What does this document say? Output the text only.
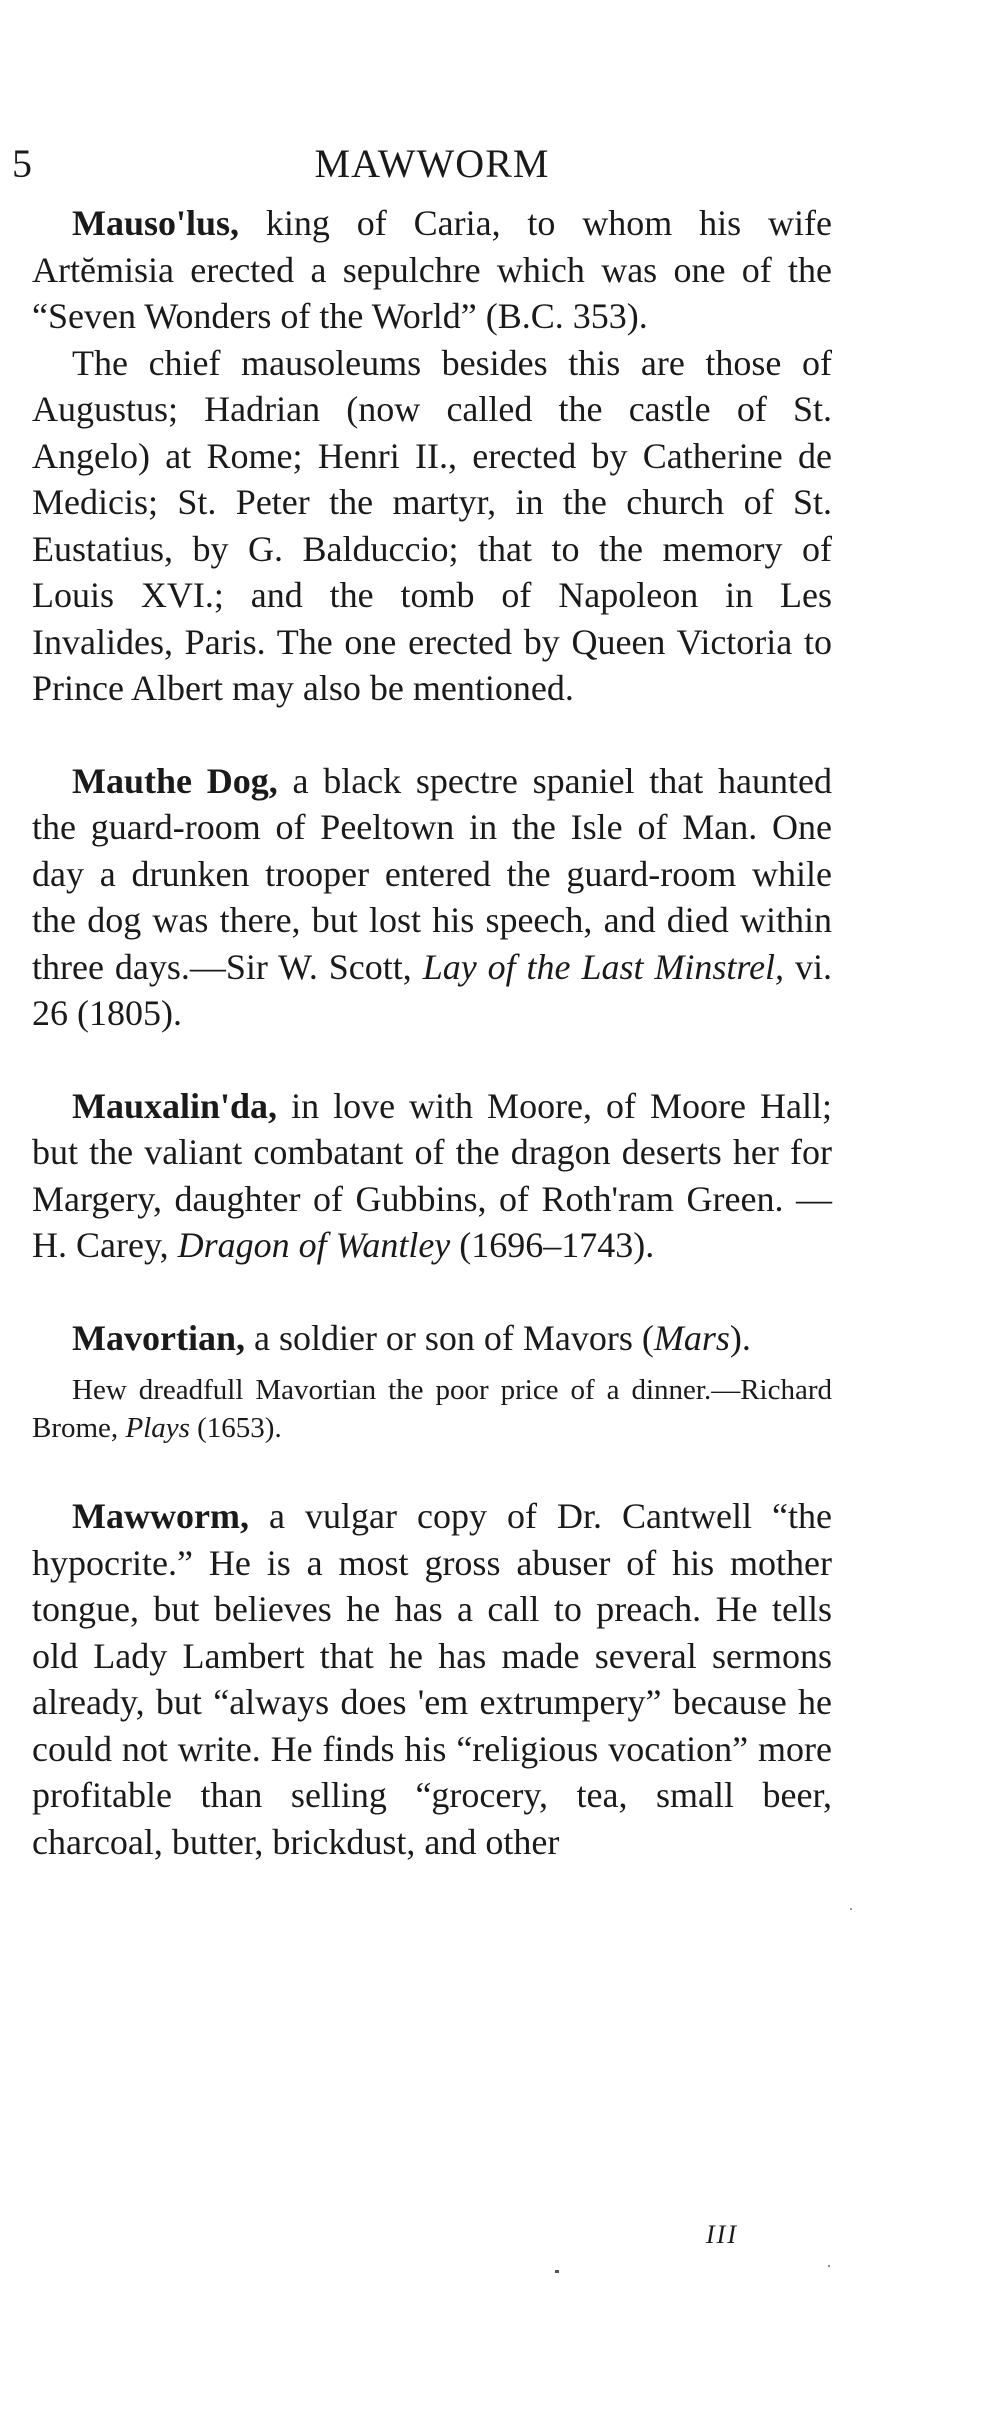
5	MAWWORM

Mauso'lus, king of Caria, to whom his wife Artĕmisia erected a sepulchre which was one of the “Seven Wonders of the World” (B.C. 353).

The chief mausoleums besides this are those of Augustus; Hadrian (now called the castle of St. Angelo) at Rome; Henri II., erected by Catherine de Medicis; St. Peter the martyr, in the church of St. Eustatius, by G. Balduccio; that to the memory of Louis XVI.; and the tomb of Napoleon in Les Invalides, Paris. The one erected by Queen Victoria to Prince Albert may also be mentioned.

Mauthe Dog, a black spectre spaniel that haunted the guard-room of Peeltown in the Isle of Man. One day a drunken trooper entered the guard-room while the dog was there, but lost his speech, and died within three days.—Sir W. Scott, Lay of the Last Minstrel, vi. 26 (1805).

Mauxalin'da, in love with Moore, of Moore Hall; but the valiant combatant of the dragon deserts her for Margery, daughter of Gubbins, of Roth'ram Green. —H. Carey, Dragon of Wantley (1696–1743).

Mavortian, a soldier or son of Mavors (Mars).

Hew dreadfull Mavortian the poor price of a dinner.—Richard Brome, Plays (1653).

Mawworm, a vulgar copy of Dr. Cantwell “the hypocrite.” He is a most gross abuser of his mother tongue, but believes he has a call to preach. He tells old Lady Lambert that he has made several sermons already, but “always does 'em extrumpery” because he could not write. He finds his “religious vocation” more profitable than selling “grocery, tea, small beer, charcoal, butter, brickdust, and other

III
